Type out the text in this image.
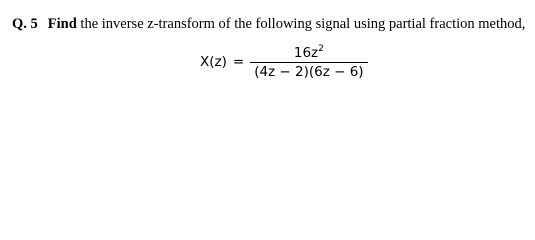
Q. 5 Find the inverse z-transform of the following signal using partial fraction method,
$X(z) = \frac{16z^2}{(4z - 2)(6z - 6)}$
